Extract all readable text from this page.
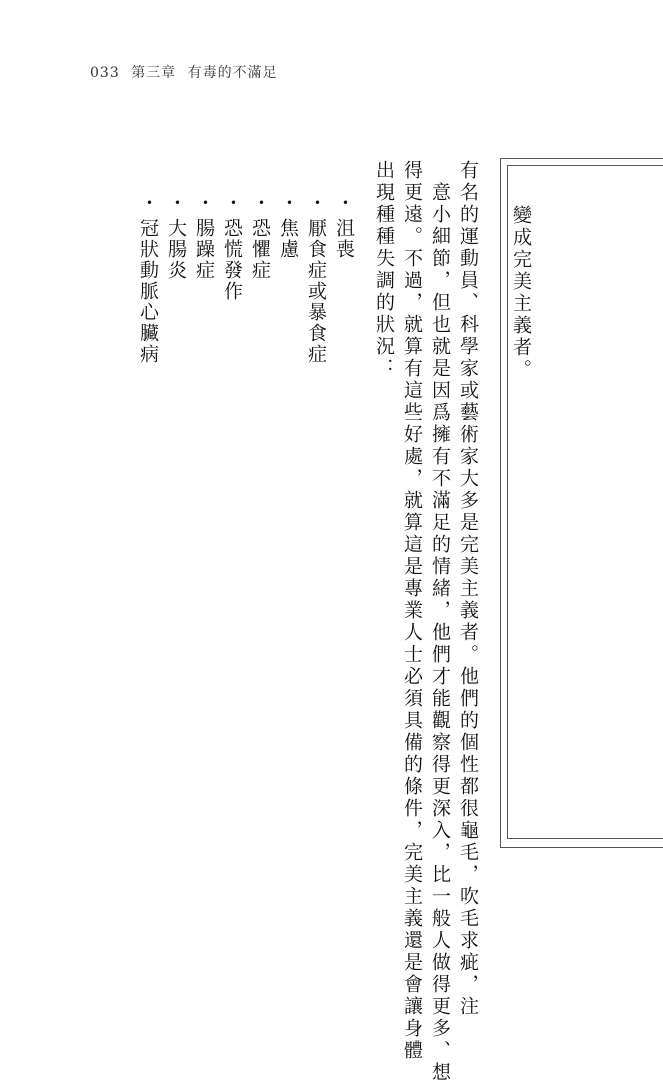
033 第三章 有毒的不滿足
變成完美主義者。
有名的運動員、科學家或藝術家大多是完美主義者。他們的個性都很龜毛，吹毛求疵，注
意小細節，但也就是因爲擁有不滿足的情緒，他們才能觀察得更深入，比一般人做得更多、想
得更遠。不過，就算有這些好處，就算這是專業人士必須具備的條件，完美主義還是會讓身體
出現種種失調的狀況：
・沮喪
・厭食症或暴食症
・焦慮
・恐懼症
・恐慌發作
・腸躁症
・大腸炎
・冠狀動脈心臟病
